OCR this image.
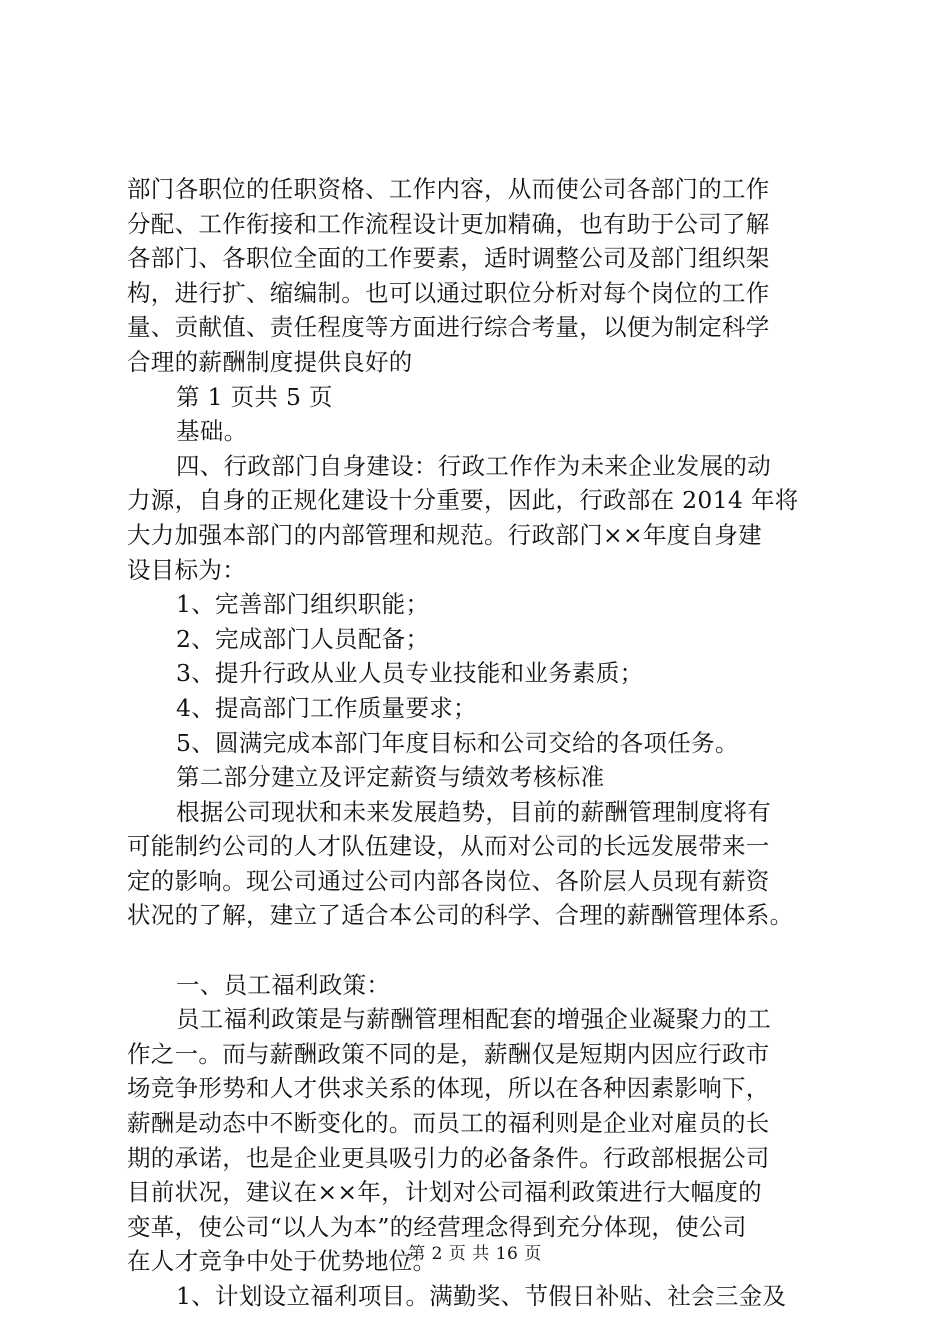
部门各职位的任职资格、工作内容，从而使公司各部门的工作
分配、工作衔接和工作流程设计更加精确，也有助于公司了解
各部门、各职位全面的工作要素，适时调整公司及部门组织架
构，进行扩、缩编制。也可以通过职位分析对每个岗位的工作
量、贡献值、责任程度等方面进行综合考量，以便为制定科学
合理的薪酬制度提供良好的
第 1 页共 5 页
基础。
四、行政部门自身建设：行政工作作为未来企业发展的动
力源，自身的正规化建设十分重要，因此，行政部在 2014 年将
大力加强本部门的内部管理和规范。行政部门××年度自身建
设目标为：
1、完善部门组织职能；
2、完成部门人员配备；
3、提升行政从业人员专业技能和业务素质；
4、提高部门工作质量要求；
5、圆满完成本部门年度目标和公司交给的各项任务。
第二部分建立及评定薪资与绩效考核标准
根据公司现状和未来发展趋势，目前的薪酬管理制度将有
可能制约公司的人才队伍建设，从而对公司的长远发展带来一
定的影响。现公司通过公司内部各岗位、各阶层人员现有薪资
状况的了解，建立了适合本公司的科学、合理的薪酬管理体系。
一、员工福利政策：
员工福利政策是与薪酬管理相配套的增强企业凝聚力的工
作之一。而与薪酬政策不同的是，薪酬仅是短期内因应行政市
场竞争形势和人才供求关系的体现，所以在各种因素影响下，
薪酬是动态中不断变化的。而员工的福利则是企业对雇员的长
期的承诺，也是企业更具吸引力的必备条件。行政部根据公司
目前状况，建议在××年，计划对公司福利政策进行大幅度的
变革，使公司“以人为本”的经营理念得到充分体现，使公司
在人才竞争中处于优势地位。
1、计划设立福利项目。满勤奖、节假日补贴、社会三金及
第 2 页 共 16 页
